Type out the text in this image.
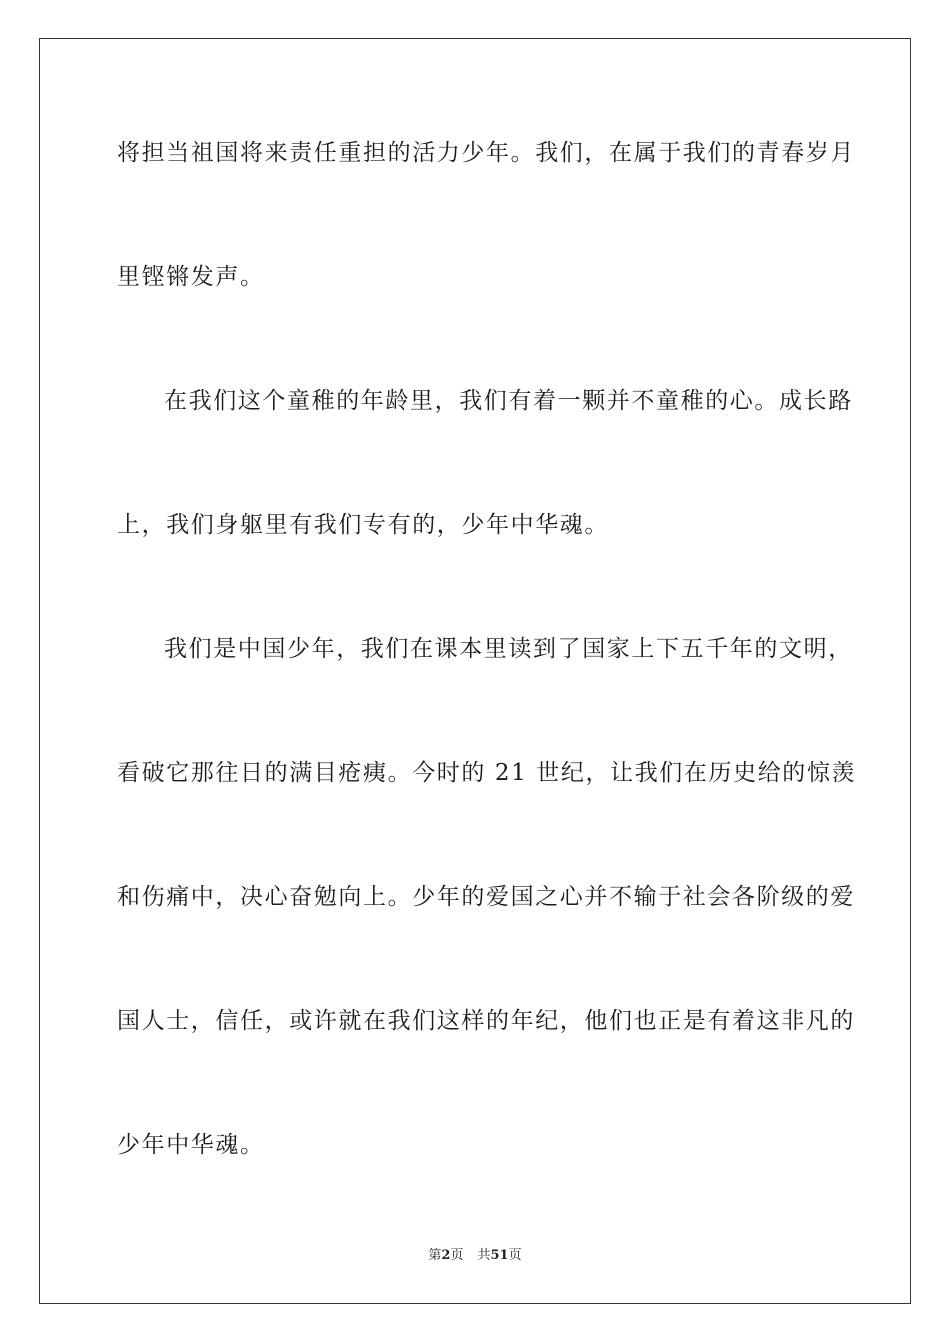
将担当祖国将来责任重担的活力少年。我们，在属于我们的青春岁月
里铿锵发声。
在我们这个童稚的年龄里，我们有着一颗并不童稚的心。成长路
上，我们身躯里有我们专有的，少年中华魂。
我们是中国少年，我们在课本里读到了国家上下五千年的文明，
看破它那往日的满目疮痍。今时的 21 世纪，让我们在历史给的惊羡
和伤痛中，决心奋勉向上。少年的爱国之心并不输于社会各阶级的爱
国人士，信任，或许就在我们这样的年纪，他们也正是有着这非凡的
少年中华魂。
第2页 共51页
